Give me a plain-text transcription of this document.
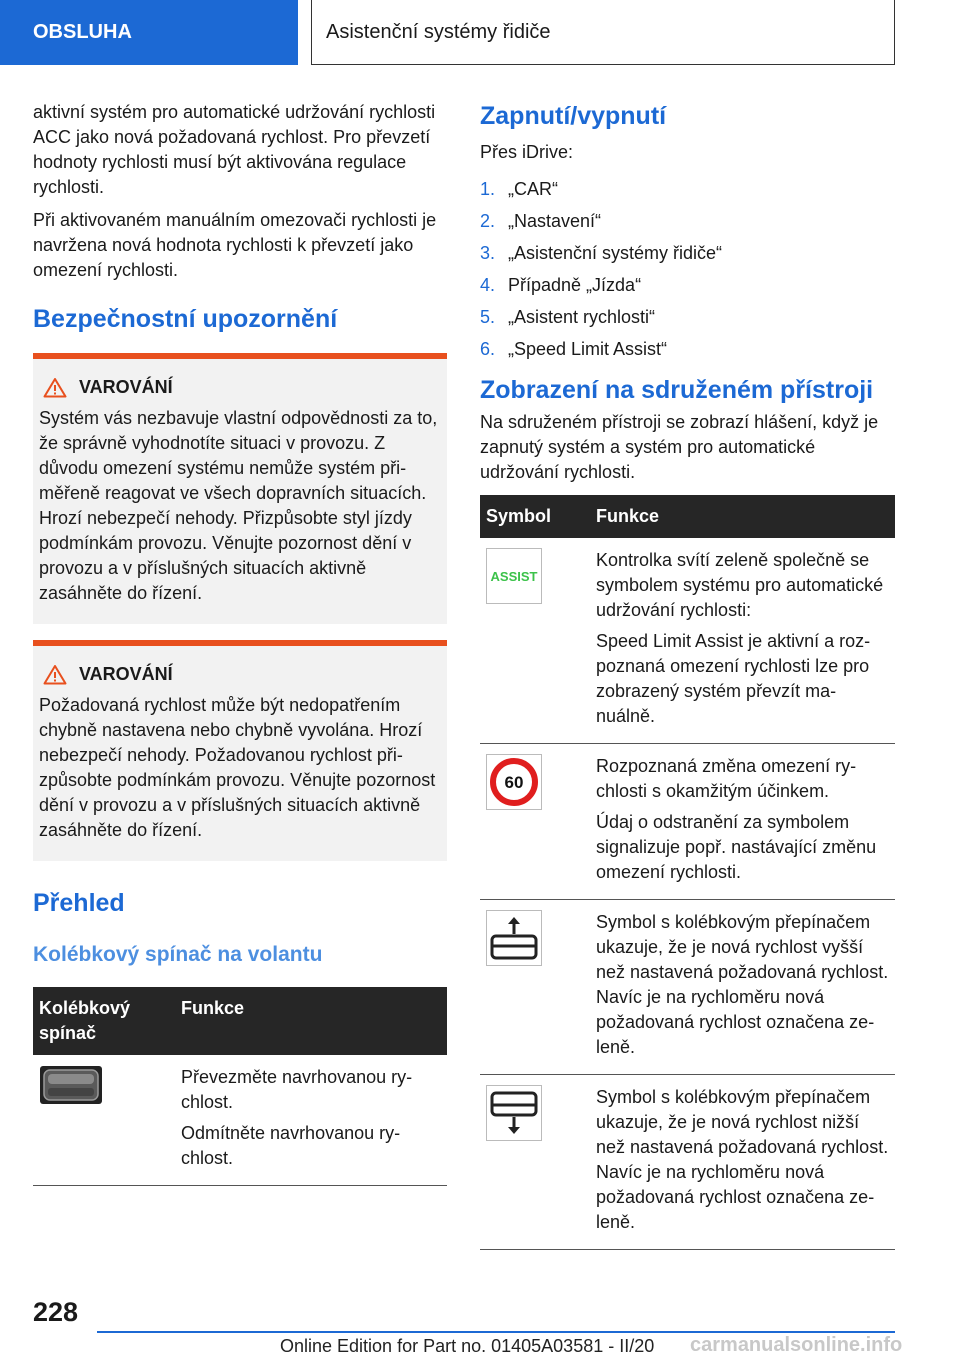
OBSLUHA	Asistenční systémy řidiče

aktivní systém pro automatické udržování rychlosti ACC jako nová požadovaná rychlost. Pro převzetí hodnoty rychlosti musí být aktivována regulace rychlosti.

Při aktivovaném manuálním omezovači rychlosti je navržena nová hodnota rychlosti k převzetí jako omezení rychlosti.

Bezpečnostní upozornění
VAROVÁNÍ

Systém vás nezbavuje vlastní odpovědnosti za to, že správně vyhodnotíte situaci v provozu. Z důvodu omezení systému nemůže systém přiměřeně reagovat ve všech dopravních situacích. Hrozí nebezpečí nehody. Přizpůsobte styl jízdy podmínkám provozu. Věnujte pozornost dění v provozu a v příslušných situacích aktivně zasáhněte do řízení.

VAROVÁNÍ

Požadovaná rychlost může být nedopatřením chybně nastavena nebo chybně vyvolána. Hrozí nebezpečí nehody. Požadovanou rychlost přizpůsobte podmínkám provozu. Věnujte pozornost dění v provozu a v příslušných situacích aktivně zasáhněte do řízení.

Přehled
Kolébkový spínač na volantu
Kolébkový spínač	Funkce

Převezměte navrhovanou rychlost.

Odmítněte navrhovanou rychlost.

Zapnutí/vypnutí

Přes iDrive:

1. „CAR“
2. „Nastavení“
3. „Asistenční systémy řidiče“
4. Případně „Jízda“
5. „Asistent rychlosti“
6. „Speed Limit Assist“
Zobrazení na sdruženém přístroji

Na sdruženém přístroji se zobrazí hlášení, když je zapnutý systém a systém pro automatické udržování rychlosti.

Symbol	Funkce

ASSIST	Kontrolka svítí zeleně společně se symbolem systému pro automatické udržování rychlosti:

Speed Limit Assist je aktivní a rozpoznaná omezení rychlosti lze pro zobrazený systém převzít manuálně.

60	Rozpoznaná změna omezení rychlosti s okamžitým účinkem.

Údaj o odstranění za symbolem signalizuje popř. nastávající změnu omezení rychlosti.

Symbol s kolébkovým přepínačem ukazuje, že je nová rychlost vyšší než nastavená požadovaná rychlost. Navíc je na rychloměru nová požadovaná rychlost označena zeleně.

Symbol s kolébkovým přepínačem ukazuje, že je nová rychlost nižší než nastavená požadovaná rychlost. Navíc je na rychloměru nová požadovaná rychlost označena zeleně.

228
Online Edition for Part no. 01405A03581 - II/20 carmanualsonline.info
